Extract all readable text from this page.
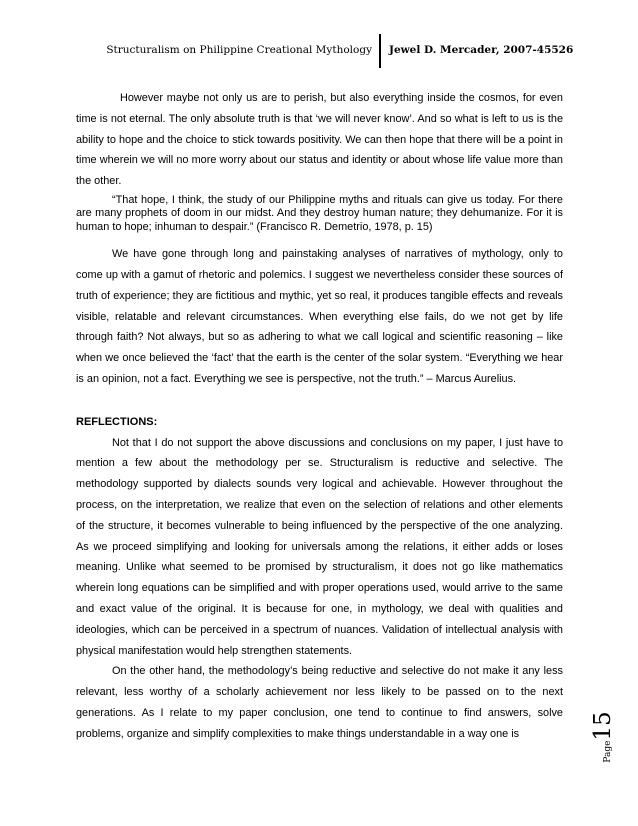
Structuralism on Philippine Creational Mythology Jewel D. Mercader, 2007-45526

However maybe not only us are to perish, but also everything inside the cosmos, for even time is not eternal. The only absolute truth is that ‘we will never know’. And so what is left to us is the ability to hope and the choice to stick towards positivity. We can then hope that there will be a point in time wherein we will no more worry about our status and identity or about whose life value more than the other.

“That hope, I think, the study of our Philippine myths and rituals can give us today. For there are many prophets of doom in our midst. And they destroy human nature; they dehumanize. For it is human to hope; inhuman to despair.” (Francisco R. Demetrio, 1978, p. 15)

We have gone through long and painstaking analyses of narratives of mythology, only to come up with a gamut of rhetoric and polemics. I suggest we nevertheless consider these sources of truth of experience; they are fictitious and mythic, yet so real, it produces tangible effects and reveals visible, relatable and relevant circumstances. When everything else fails, do we not get by life through faith? Not always, but so as adhering to what we call logical and scientific reasoning – like when we once believed the ‘fact’ that the earth is the center of the solar system. “Everything we hear is an opinion, not a fact. Everything we see is perspective, not the truth.” – Marcus Aurelius.

REFLECTIONS:

Not that I do not support the above discussions and conclusions on my paper, I just have to mention a few about the methodology per se. Structuralism is reductive and selective. The methodology supported by dialects sounds very logical and achievable. However throughout the process, on the interpretation, we realize that even on the selection of relations and other elements of the structure, it becomes vulnerable to being influenced by the perspective of the one analyzing. As we proceed simplifying and looking for universals among the relations, it either adds or loses meaning. Unlike what seemed to be promised by structuralism, it does not go like mathematics wherein long equations can be simplified and with proper operations used, would arrive to the same and exact value of the original. It is because for one, in mythology, we deal with qualities and ideologies, which can be perceived in a spectrum of nuances. Validation of intellectual analysis with physical manifestation would help strengthen statements.

On the other hand, the methodology’s being reductive and selective do not make it any less relevant, less worthy of a scholarly achievement nor less likely to be passed on to the next generations. As I relate to my paper conclusion, one tend to continue to find answers, solve problems, organize and simplify complexities to make things understandable in a way one is

Page15
